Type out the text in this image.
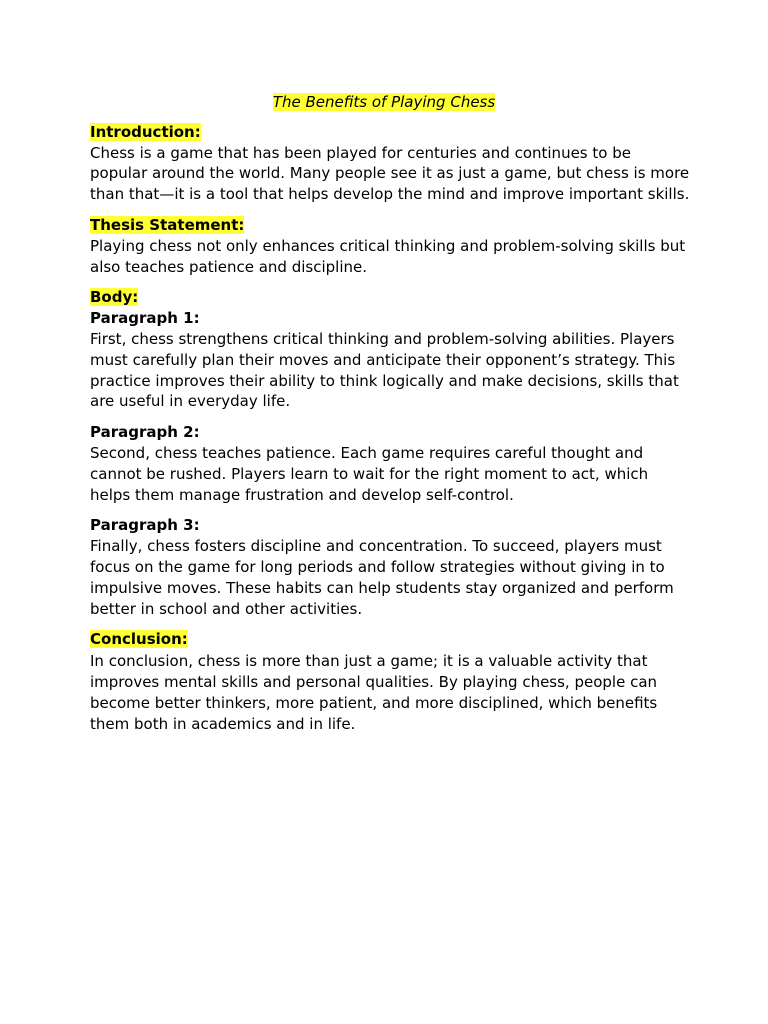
The Benefits of Playing Chess

Introduction:

Chess is a game that has been played for centuries and continues to be popular around the world. Many people see it as just a game, but chess is more than that—it is a tool that helps develop the mind and improve important skills.

Thesis Statement:

Playing chess not only enhances critical thinking and problem-solving skills but also teaches patience and discipline.

Body:

Paragraph 1:

First, chess strengthens critical thinking and problem-solving abilities. Players must carefully plan their moves and anticipate their opponent’s strategy. This practice improves their ability to think logically and make decisions, skills that are useful in everyday life.

Paragraph 2:

Second, chess teaches patience. Each game requires careful thought and cannot be rushed. Players learn to wait for the right moment to act, which helps them manage frustration and develop self-control.

Paragraph 3:

Finally, chess fosters discipline and concentration. To succeed, players must focus on the game for long periods and follow strategies without giving in to impulsive moves. These habits can help students stay organized and perform better in school and other activities.

Conclusion:

In conclusion, chess is more than just a game; it is a valuable activity that improves mental skills and personal qualities. By playing chess, people can become better thinkers, more patient, and more disciplined, which benefits them both in academics and in life.
